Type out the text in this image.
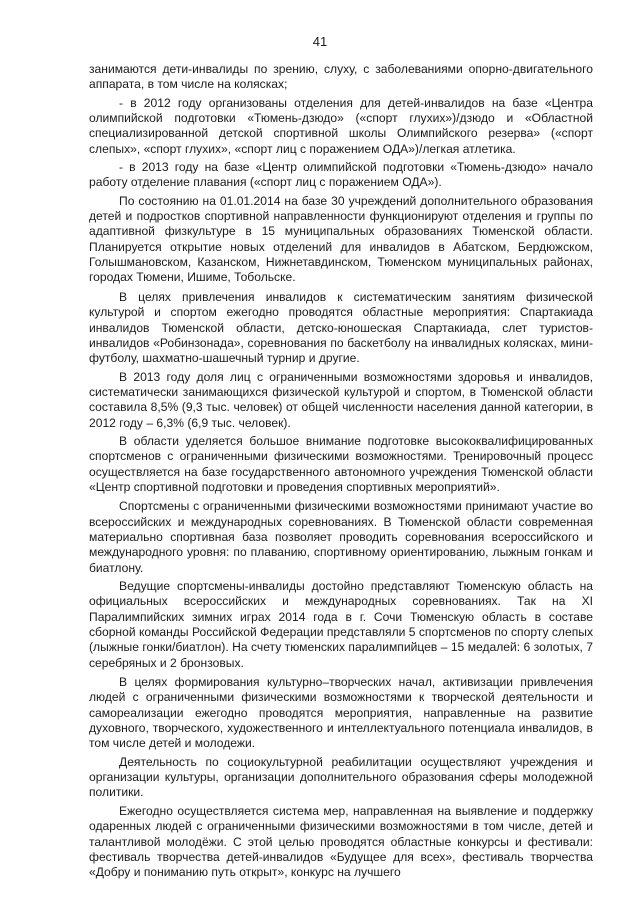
41

занимаются дети-инвалиды по зрению, слуху, с заболеваниями опорно-двигательного аппарата, в том числе на колясках;

- в 2012 году организованы отделения для детей-инвалидов на базе «Центра олимпийской подготовки «Тюмень-дзюдо» («спорт глухих»)/дзюдо и «Областной специализированной детской спортивной школы Олимпийского резерва» («спорт слепых», «спорт глухих», «спорт лиц с поражением ОДА»)/легкая атлетика.

- в 2013 году на базе «Центр олимпийской подготовки «Тюмень-дзюдо» начало работу отделение плавания («спорт лиц с поражением ОДА»).

По состоянию на 01.01.2014 на базе 30 учреждений дополнительного образования детей и подростков спортивной направленности функционируют отделения и группы по адаптивной физкультуре в 15 муниципальных образованиях Тюменской области. Планируется открытие новых отделений для инвалидов в Абатском, Бердюжском, Голышмановском, Казанском, Нижнетавдинском, Тюменском муниципальных районах, городах Тюмени, Ишиме, Тобольске.

В целях привлечения инвалидов к систематическим занятиям физической культурой и спортом ежегодно проводятся областные мероприятия: Спартакиада инвалидов Тюменской области, детско-юношеская Спартакиада, слет туристов-инвалидов «Робинзонада», соревнования по баскетболу на инвалидных колясках, мини-футболу, шахматно-шашечный турнир и другие.

В 2013 году доля лиц с ограниченными возможностями здоровья и инвалидов, систематически занимающихся физической культурой и спортом, в Тюменской области составила 8,5% (9,3 тыс. человек) от общей численности населения данной категории, в 2012 году – 6,3% (6,9 тыс. человек).

В области уделяется большое внимание подготовке высококвалифицированных спортсменов с ограниченными физическими возможностями. Тренировочный процесс осуществляется на базе государственного автономного учреждения Тюменской области «Центр спортивной подготовки и проведения спортивных мероприятий».

Спортсмены с ограниченными физическими возможностями принимают участие во всероссийских и международных соревнованиях. В Тюменской области современная материально спортивная база позволяет проводить соревнования всероссийского и международного уровня: по плаванию, спортивному ориентированию, лыжным гонкам и биатлону.

Ведущие спортсмены-инвалиды достойно представляют Тюменскую область на официальных всероссийских и международных соревнованиях. Так на XI Паралимпийских зимних играх 2014 года в г. Сочи Тюменскую область в составе сборной команды Российской Федерации представляли 5 спортсменов по спорту слепых (лыжные гонки/биатлон). На счету тюменских паралимпийцев – 15 медалей: 6 золотых, 7 серебряных и 2 бронзовых.

В целях формирования культурно–творческих начал, активизации привлечения людей с ограниченными физическими возможностями к творческой деятельности и самореализации ежегодно проводятся мероприятия, направленные на развитие духовного, творческого, художественного и интеллектуального потенциала инвалидов, в том числе детей и молодежи.

Деятельность по социокультурной реабилитации осуществляют учреждения и организации культуры, организации дополнительного образования сферы молодежной политики.

Ежегодно осуществляется система мер, направленная на выявление и поддержку одаренных людей с ограниченными физическими возможностями в том числе, детей и талантливой молодёжи. С этой целью проводятся областные конкурсы и фестивали: фестиваль творчества детей-инвалидов «Будущее для всех», фестиваль творчества «Добру и пониманию путь открыт», конкурс на лучшего
